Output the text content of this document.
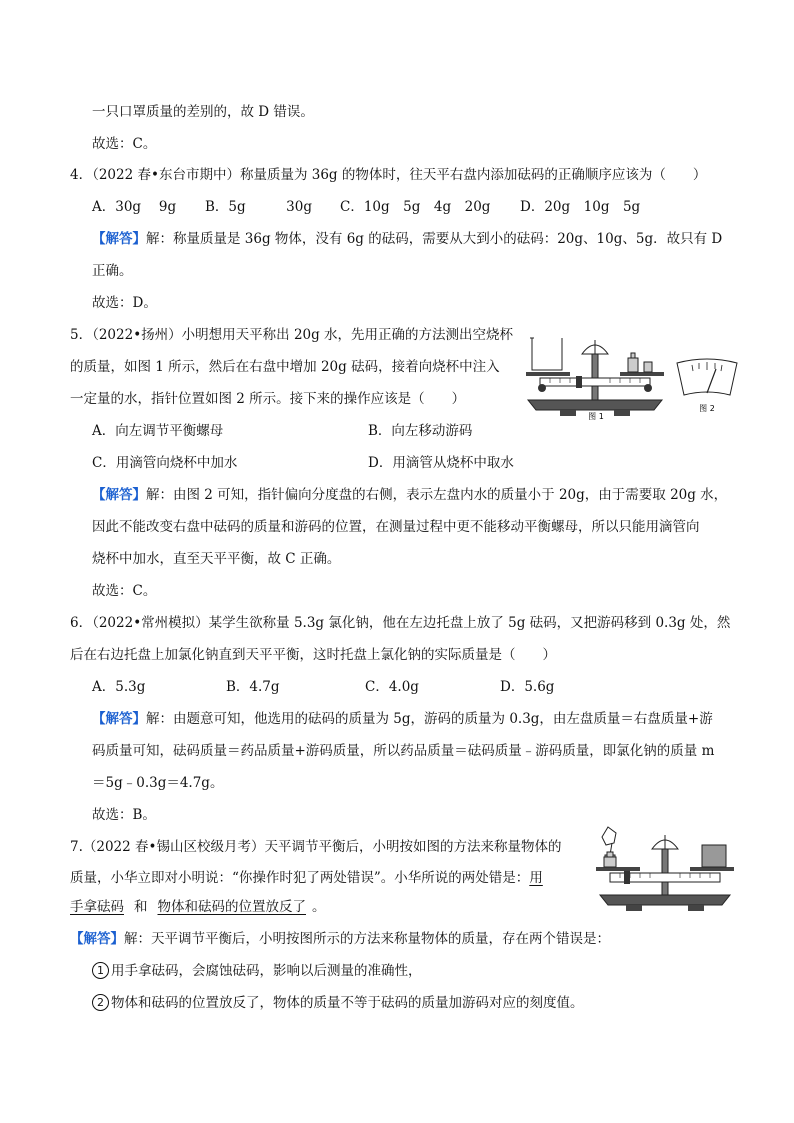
一只口罩质量的差别的，故 D 错误。
故选：C。
4．（2022 春•东台市期中）称量质量为 36g 的物体时，往天平右盘内添加砝码的正确顺序应该为（　　）
A．30g　 9g B．5g　　　30g C．10g　5g　4g　20g D．20g　10g　5g
【解答】解：称量质量是 36g 物体，没有 6g 的砝码，需要从大到小的砝码：20g、10g、5g．故只有 D
正确。
故选：D。
5．（2022•扬州）小明想用天平称出 20g 水，先用正确的方法测出空烧杯
的质量，如图 1 所示，然后在右盘中增加 20g 砝码，接着向烧杯中注入
一定量的水，指针位置如图 2 所示。接下来的操作应该是（　　）
图 1
图 2
A．向左调节平衡螺母	B．向左移动游码
C．用滴管向烧杯中加水	D．用滴管从烧杯中取水
【解答】解：由图 2 可知，指针偏向分度盘的右侧，表示左盘内水的质量小于 20g，由于需要取 20g 水，
因此不能改变右盘中砝码的质量和游码的位置，在测量过程中更不能移动平衡螺母，所以只能用滴管向
烧杯中加水，直至天平平衡，故 C 正确。
故选：C。
6．（2022•常州模拟）某学生欲称量 5.3g 氯化钠，他在左边托盘上放了 5g 砝码，又把游码移到 0.3g 处，然
后在右边托盘上加氯化钠直到天平平衡，这时托盘上氯化钠的实际质量是（　　）
A．5.3g	B．4.7g	C．4.0g	D．5.6g
【解答】解：由题意可知，他选用的砝码的质量为 5g，游码的质量为 0.3g，由左盘质量＝右盘质量+游
码质量可知，砝码质量＝药品质量+游码质量，所以药品质量＝砝码质量﹣游码质量，即氯化钠的质量 m
＝5g﹣0.3g＝4.7g。
故选：B。
7.（2022 春•锡山区校级月考）天平调节平衡后，小明按如图的方法来称量物体的
质量，小华立即对小明说：“你操作时犯了两处错误”。小华所说的两处错是：用
手拿砝码 和 物体和砝码的位置放反了 。
【解答】解：天平调节平衡后，小明按图所示的方法来称量物体的质量，存在两个错误是：
1 用手拿砝码，会腐蚀砝码，影响以后测量的准确性，
2 物体和砝码的位置放反了，物体的质量不等于砝码的质量加游码对应的刻度值。
